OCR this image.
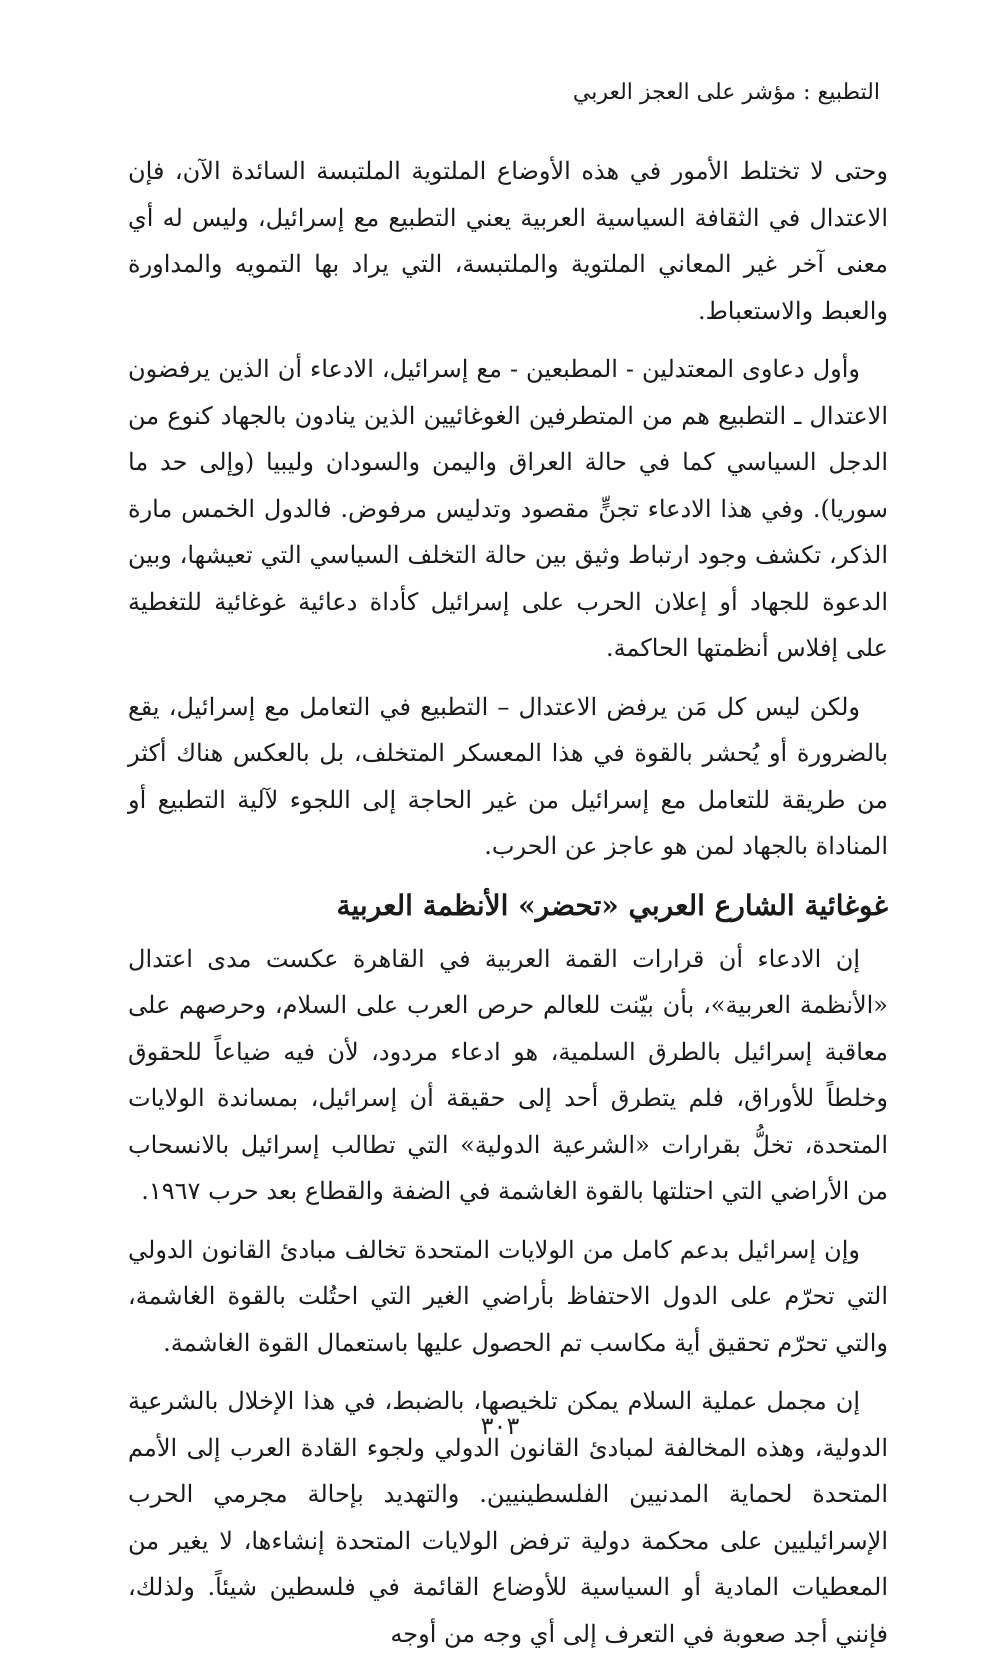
التطبيع : مؤشر على العجز العربي

وحتى لا تختلط الأمور في هذه الأوضاع الملتوية الملتبسة السائدة الآن، فإن الاعتدال في الثقافة السياسية العربية يعني التطبيع مع إسرائيل، وليس له أي معنى آخر غير المعاني الملتوية والملتبسة، التي يراد بها التمويه والمداورة والعبط والاستعباط.

وأول دعاوى المعتدلين - المطبعين - مع إسرائيل، الادعاء أن الذين يرفضون الاعتدال ـ التطبيع هم من المتطرفين الغوغائيين الذين ينادون بالجهاد كنوع من الدجل السياسي كما في حالة العراق واليمن والسودان وليبيا (وإلى حد ما سوريا). وفي هذا الادعاء تجنٍّ مقصود وتدليس مرفوض. فالدول الخمس مارة الذكر، تكشف وجود ارتباط وثيق بين حالة التخلف السياسي التي تعيشها، وبين الدعوة للجهاد أو إعلان الحرب على إسرائيل كأداة دعائية غوغائية للتغطية على إفلاس أنظمتها الحاكمة.

ولكن ليس كل مَن يرفض الاعتدال – التطبيع في التعامل مع إسرائيل، يقع بالضرورة أو يُحشر بالقوة في هذا المعسكر المتخلف، بل بالعكس هناك أكثر من طريقة للتعامل مع إسرائيل من غير الحاجة إلى اللجوء لآلية التطبيع أو المناداة بالجهاد لمن هو عاجز عن الحرب.

غوغائية الشارع العربي «تحضر» الأنظمة العربية

إن الادعاء أن قرارات القمة العربية في القاهرة عكست مدى اعتدال «الأنظمة العربية»، بأن بيّنت للعالم حرص العرب على السلام، وحرصهم على معاقبة إسرائيل بالطرق السلمية، هو ادعاء مردود، لأن فيه ضياعاً للحقوق وخلطاً للأوراق، فلم يتطرق أحد إلى حقيقة أن إسرائيل، بمساندة الولايات المتحدة، تخلُّ بقرارات «الشرعية الدولية» التي تطالب إسرائيل بالانسحاب من الأراضي التي احتلتها بالقوة الغاشمة في الضفة والقطاع بعد حرب ١٩٦٧.

وإن إسرائيل بدعم كامل من الولايات المتحدة تخالف مبادئ القانون الدولي التي تحرّم على الدول الاحتفاظ بأراضي الغير التي احتُلت بالقوة الغاشمة، والتي تحرّم تحقيق أية مكاسب تم الحصول عليها باستعمال القوة الغاشمة.

إن مجمل عملية السلام يمكن تلخيصها، بالضبط، في هذا الإخلال بالشرعية الدولية، وهذه المخالفة لمبادئ القانون الدولي ولجوء القادة العرب إلى الأمم المتحدة لحماية المدنيين الفلسطينيين. والتهديد بإحالة مجرمي الحرب الإسرائيليين على محكمة دولية ترفض الولايات المتحدة إنشاءها، لا يغير من المعطيات المادية أو السياسية للأوضاع القائمة في فلسطين شيئاً. ولذلك، فإنني أجد صعوبة في التعرف إلى أي وجه من أوجه

٣٠٣
